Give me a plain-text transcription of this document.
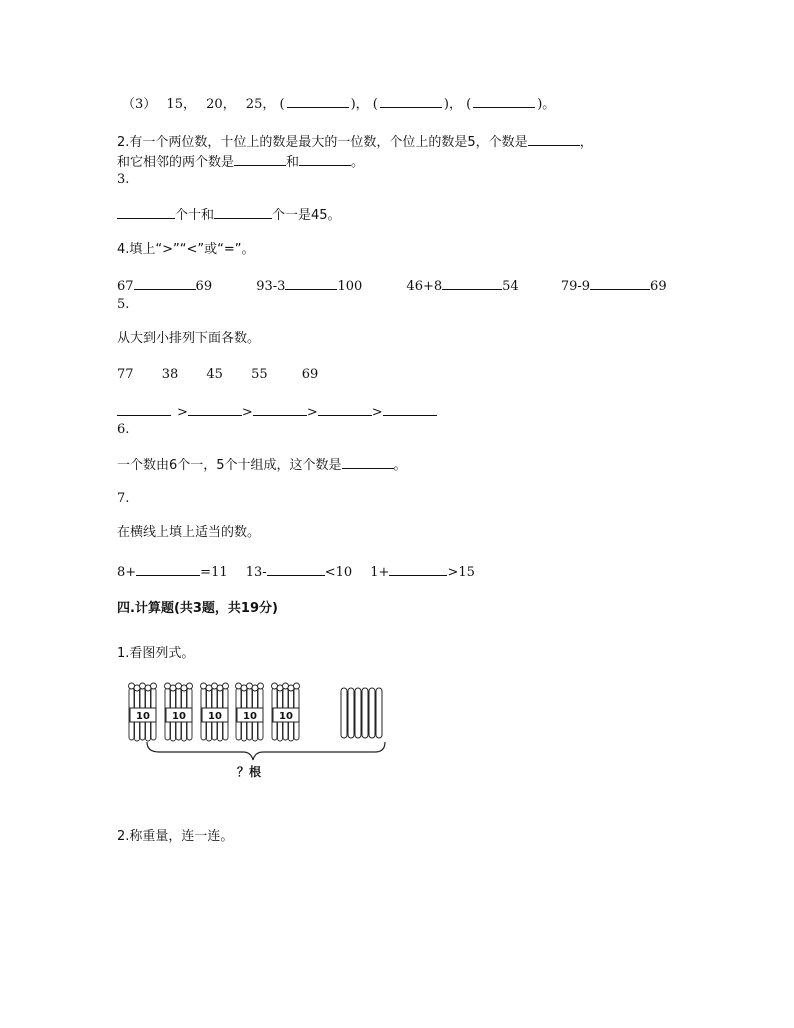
（3） 15， 20， 25， (	)， (	)， (	)。
2.有一个两位数，十位上的数是最大的一位数，个位上的数是5，个数是	，
和它相邻的两个数是	和	。
3.
个十和	个一是45。
4.填上“>”“<”或“=”。
67	69	93-3	100	46+8	54	79-9	69
5.
从大到小排列下面各数。
77 38 45 55	69
>	>	>	>
6.
一个数由6个一，5个十组成，这个数是	。
7.
在横线上填上适当的数。
8+	=11 13-	<10 1+	>15
四.计算题(共3题，共19分)
1.看图列式。
10 10 10 10 10
？根
2.称重量，连一连。
